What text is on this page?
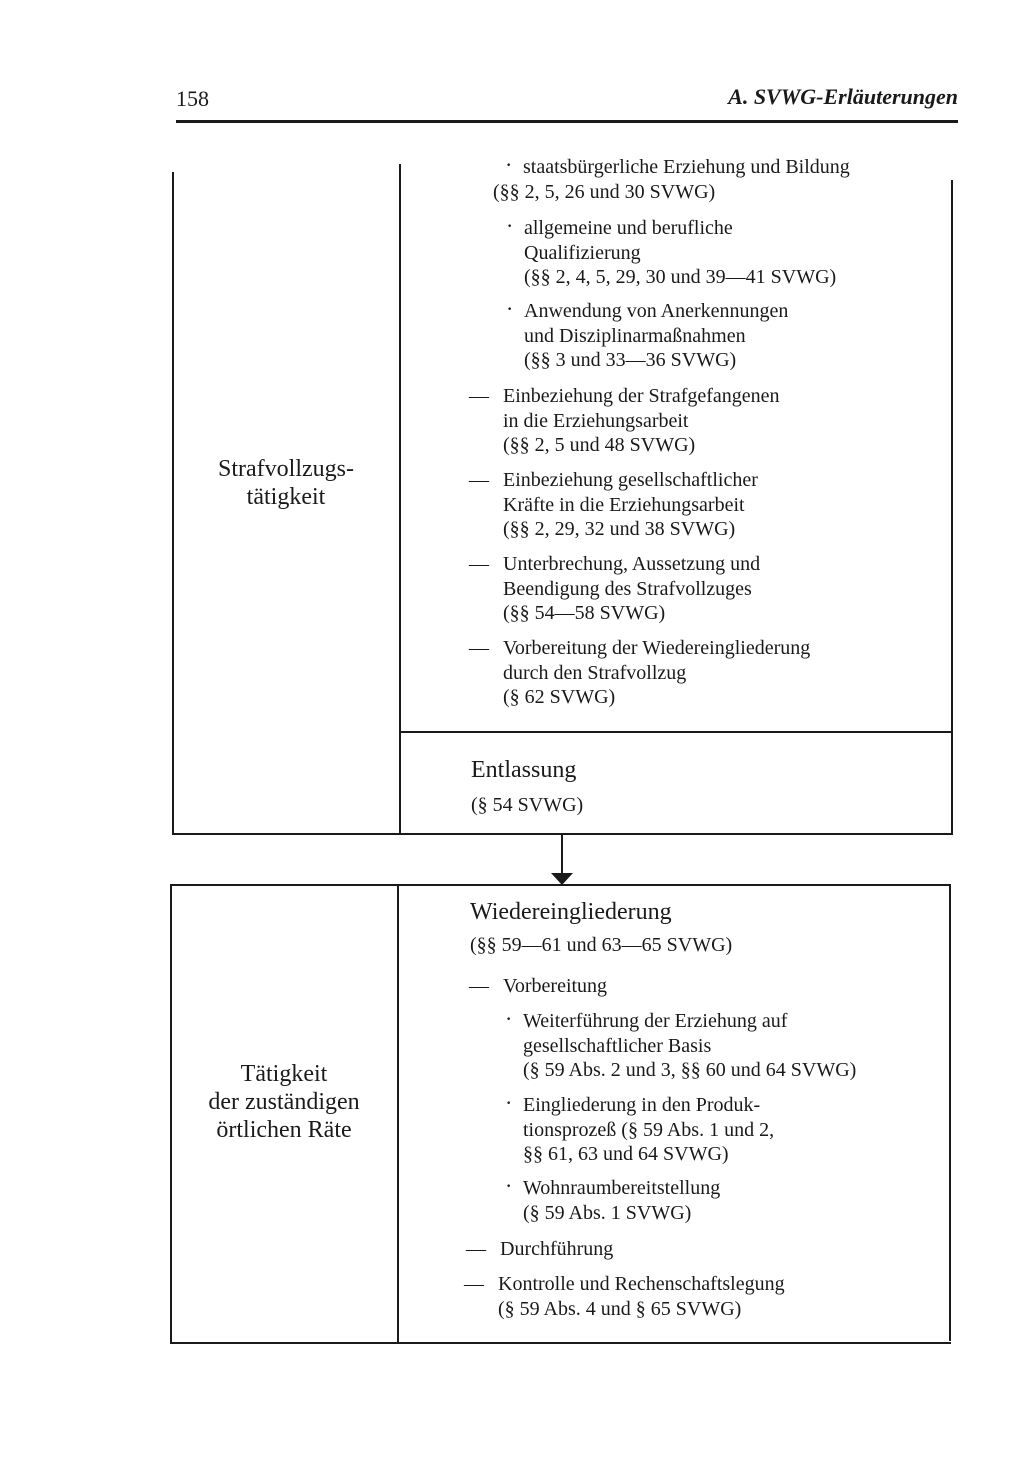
158	A. SVWG-Erläuterungen
Strafvollzugs-
tätigkeit
· staatsbürgerliche Erziehung und Bildung
(§§ 2, 5, 26 und 30 SVWG)
· allgemeine und berufliche
Qualifizierung
(§§ 2, 4, 5, 29, 30 und 39—41 SVWG)
· Anwendung von Anerkennungen
und Disziplinarmaßnahmen
(§§ 3 und 33—36 SVWG)
— Einbeziehung der Strafgefangenen
in die Erziehungsarbeit
(§§ 2, 5 und 48 SVWG)
— Einbeziehung gesellschaftlicher
Kräfte in die Erziehungsarbeit
(§§ 2, 29, 32 und 38 SVWG)
— Unterbrechung, Aussetzung und
Beendigung des Strafvollzuges
(§§ 54—58 SVWG)
— Vorbereitung der Wiedereingliederung
durch den Strafvollzug
(§ 62 SVWG)
Entlassung
(§ 54 SVWG)
Tätigkeit
der zuständigen
örtlichen Räte
Wiedereingliederung
(§§ 59—61 und 63—65 SVWG)
— Vorbereitung
· Weiterführung der Erziehung auf
gesellschaftlicher Basis
(§ 59 Abs. 2 und 3, §§ 60 und 64 SVWG)
· Eingliederung in den Produk-
tionsprozeß (§ 59 Abs. 1 und 2,
§§ 61, 63 und 64 SVWG)
· Wohnraumbereitstellung
(§ 59 Abs. 1 SVWG)
— Durchführung
— Kontrolle und Rechenschaftslegung
(§ 59 Abs. 4 und § 65 SVWG)
